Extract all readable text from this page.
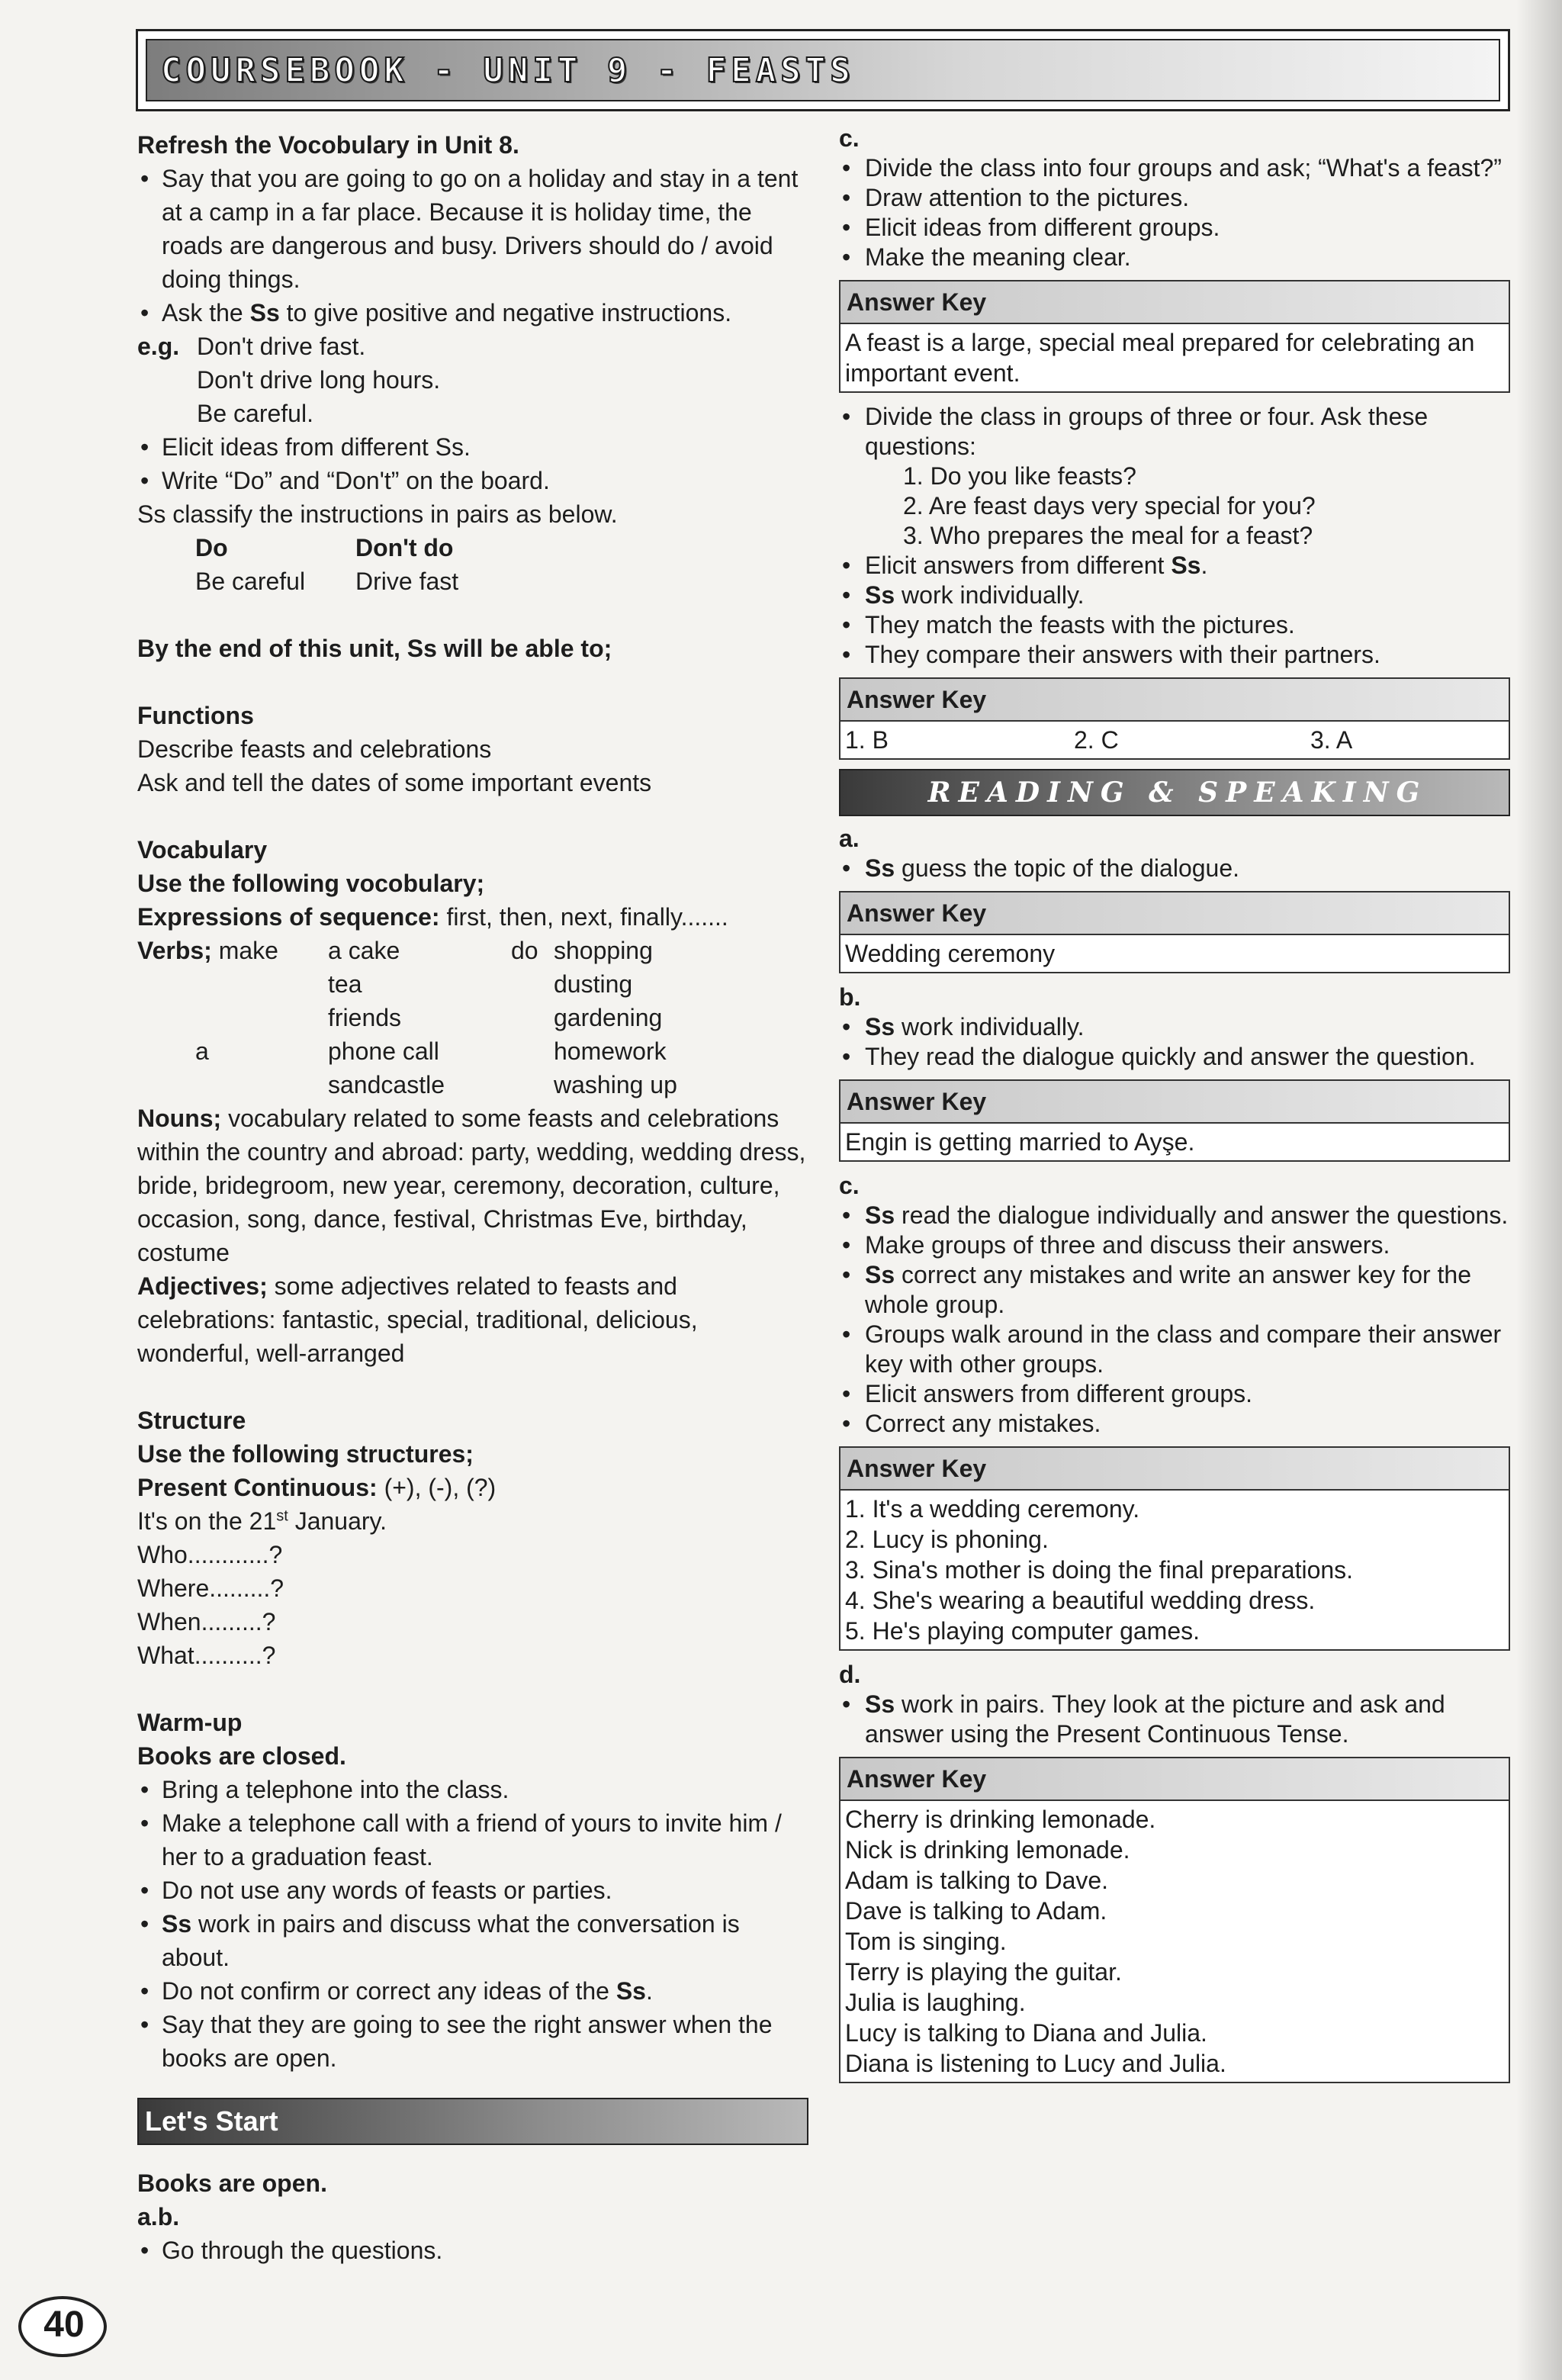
COURSEBOOK - UNIT 9 - FEASTS
Refresh the Vocobulary in Unit 8.
• Say that you are going to go on a holiday and stay in a tent at a camp in a far place. Because it is holiday time, the roads are dangerous and busy. Drivers should do / avoid doing things.
• Ask the Ss to give positive and negative instructions.
e.g. Don't drive fast.
Don't drive long hours.
Be careful.
• Elicit ideas from different Ss.
• Write “Do” and “Don't” on the board.
Ss classify the instructions in pairs as below.
Do	Don't do
Be careful	Drive fast
By the end of this unit, Ss will be able to;
Functions
Describe feasts and celebrations
Ask and tell the dates of some important events
Vocabulary
Use the following vocobulary;
Expressions of sequence: first, then, next, finally.......
Verbs; make	a cake	do shopping
tea	dusting
friends	gardening
a	phone call	homework
sandcastle	washing up
Nouns; vocabulary related to some feasts and celebrations within the country and abroad: party, wedding, wedding dress, bride, bridegroom, new year, ceremony, decoration, culture, occasion, song, dance, festival, Christmas Eve, birthday, costume
Adjectives; some adjectives related to feasts and celebrations: fantastic, special, traditional, delicious, wonderful, well-arranged
Structure
Use the following structures;
Present Continuous: (+), (-), (?)
It's on the 21st January.
Who............?
Where.........?
When.........?
What..........?
Warm-up
Books are closed.
• Bring a telephone into the class.
• Make a telephone call with a friend of yours to invite him / her to a graduation feast.
• Do not use any words of feasts or parties.
• Ss work in pairs and discuss what the conversation is about.
• Do not confirm or correct any ideas of the Ss.
• Say that they are going to see the right answer when the books are open.
Let's Start
Books are open.
a.b.
• Go through the questions.
c.
• Divide the class into four groups and ask; “What's a feast?”
• Draw attention to the pictures.
• Elicit ideas from different groups.
• Make the meaning clear.
Answer Key
A feast is a large, special meal prepared for celebrating an important event.
• Divide the class in groups of three or four. Ask these questions:
1. Do you like feasts?
2. Are feast days very special for you?
3. Who prepares the meal for a feast?
• Elicit answers from different Ss.
• Ss work individually.
• They match the feasts with the pictures.
• They compare their answers with their partners.
Answer Key
1. B	2. C	3. A
READING & SPEAKING
a.
• Ss guess the topic of the dialogue.
Answer Key
Wedding ceremony
b.
• Ss work individually.
• They read the dialogue quickly and answer the question.
Answer Key
Engin is getting married to Ayşe.
c.
• Ss read the dialogue individually and answer the questions.
• Make groups of three and discuss their answers.
• Ss correct any mistakes and write an answer key for the whole group.
• Groups walk around in the class and compare their answer key with other groups.
• Elicit answers from different groups.
• Correct any mistakes.
Answer Key
1. It's a wedding ceremony.
2. Lucy is phoning.
3. Sina's mother is doing the final preparations.
4. She's wearing a beautiful wedding dress.
5. He's playing computer games.
d.
• Ss work in pairs. They look at the picture and ask and answer using the Present Continuous Tense.
Answer Key
Cherry is drinking lemonade.
Nick is drinking lemonade.
Adam is talking to Dave.
Dave is talking to Adam.
Tom is singing.
Terry is playing the guitar.
Julia is laughing.
Lucy is talking to Diana and Julia.
Diana is listening to Lucy and Julia.
40
